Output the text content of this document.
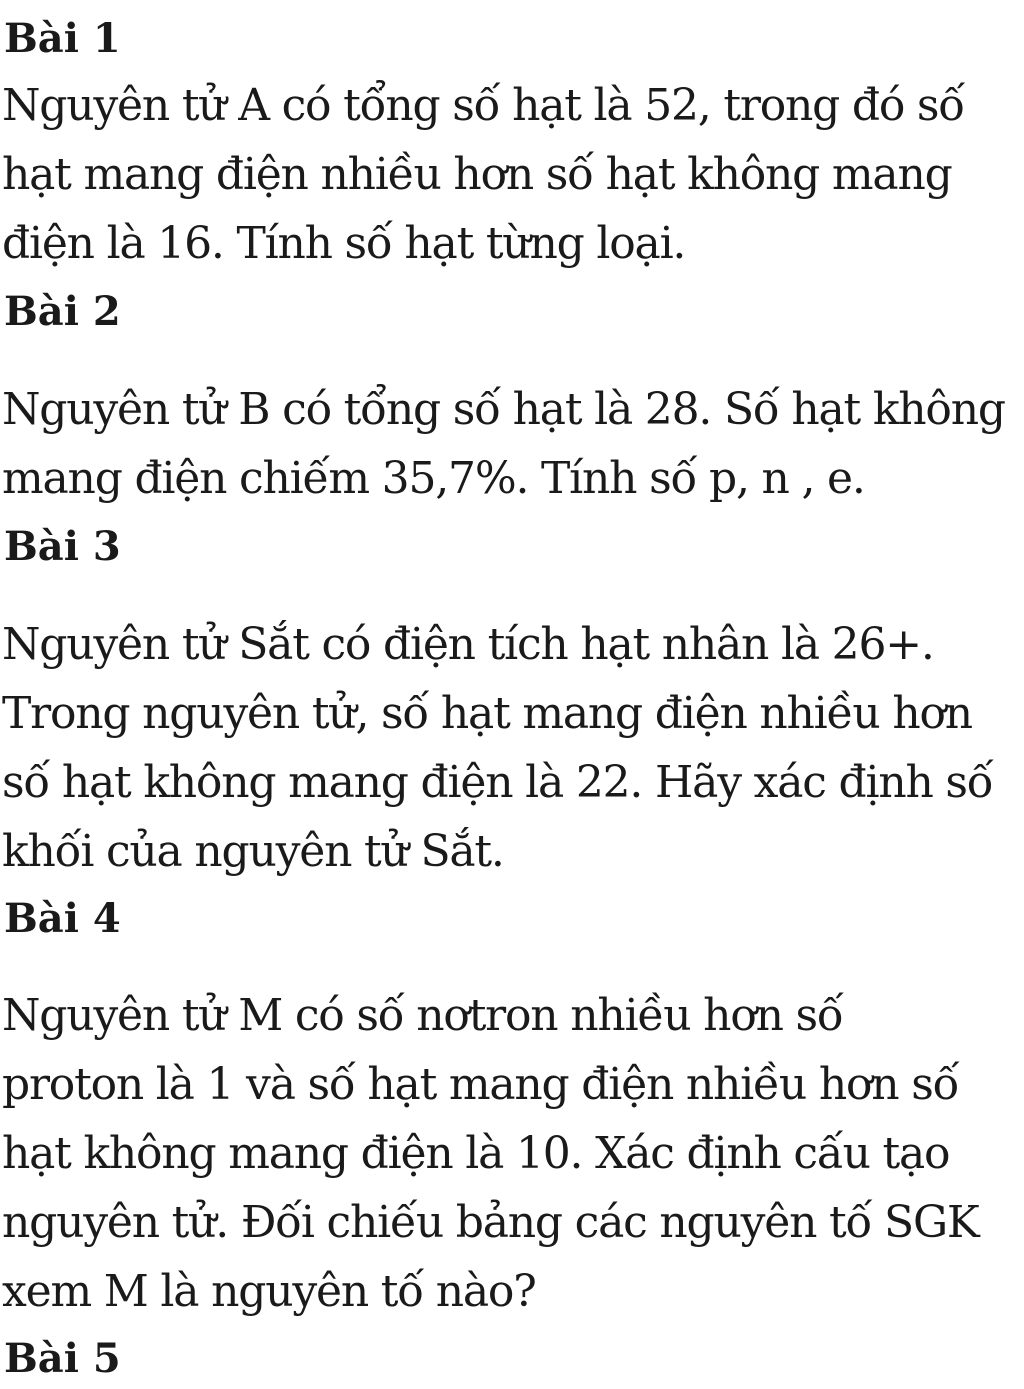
Bài 1
Nguyên tử A có tổng số hạt là 52, trong đó số
hạt mang điện nhiều hơn số hạt không mang
điện là 16. Tính số hạt từng loại.
Bài 2
Nguyên tử B có tổng số hạt là 28. Số hạt không
mang điện chiếm 35,7%. Tính số p, n , e.
Bài 3
Nguyên tử Sắt có điện tích hạt nhân là 26+.
Trong nguyên tử, số hạt mang điện nhiều hơn
số hạt không mang điện là 22. Hãy xác định số
khối của nguyên tử Sắt.
Bài 4
Nguyên tử M có số nơtron nhiều hơn số
proton là 1 và số hạt mang điện nhiều hơn số
hạt không mang điện là 10. Xác định cấu tạo
nguyên tử. Đối chiếu bảng các nguyên tố SGK
xem M là nguyên tố nào?
Bài 5
